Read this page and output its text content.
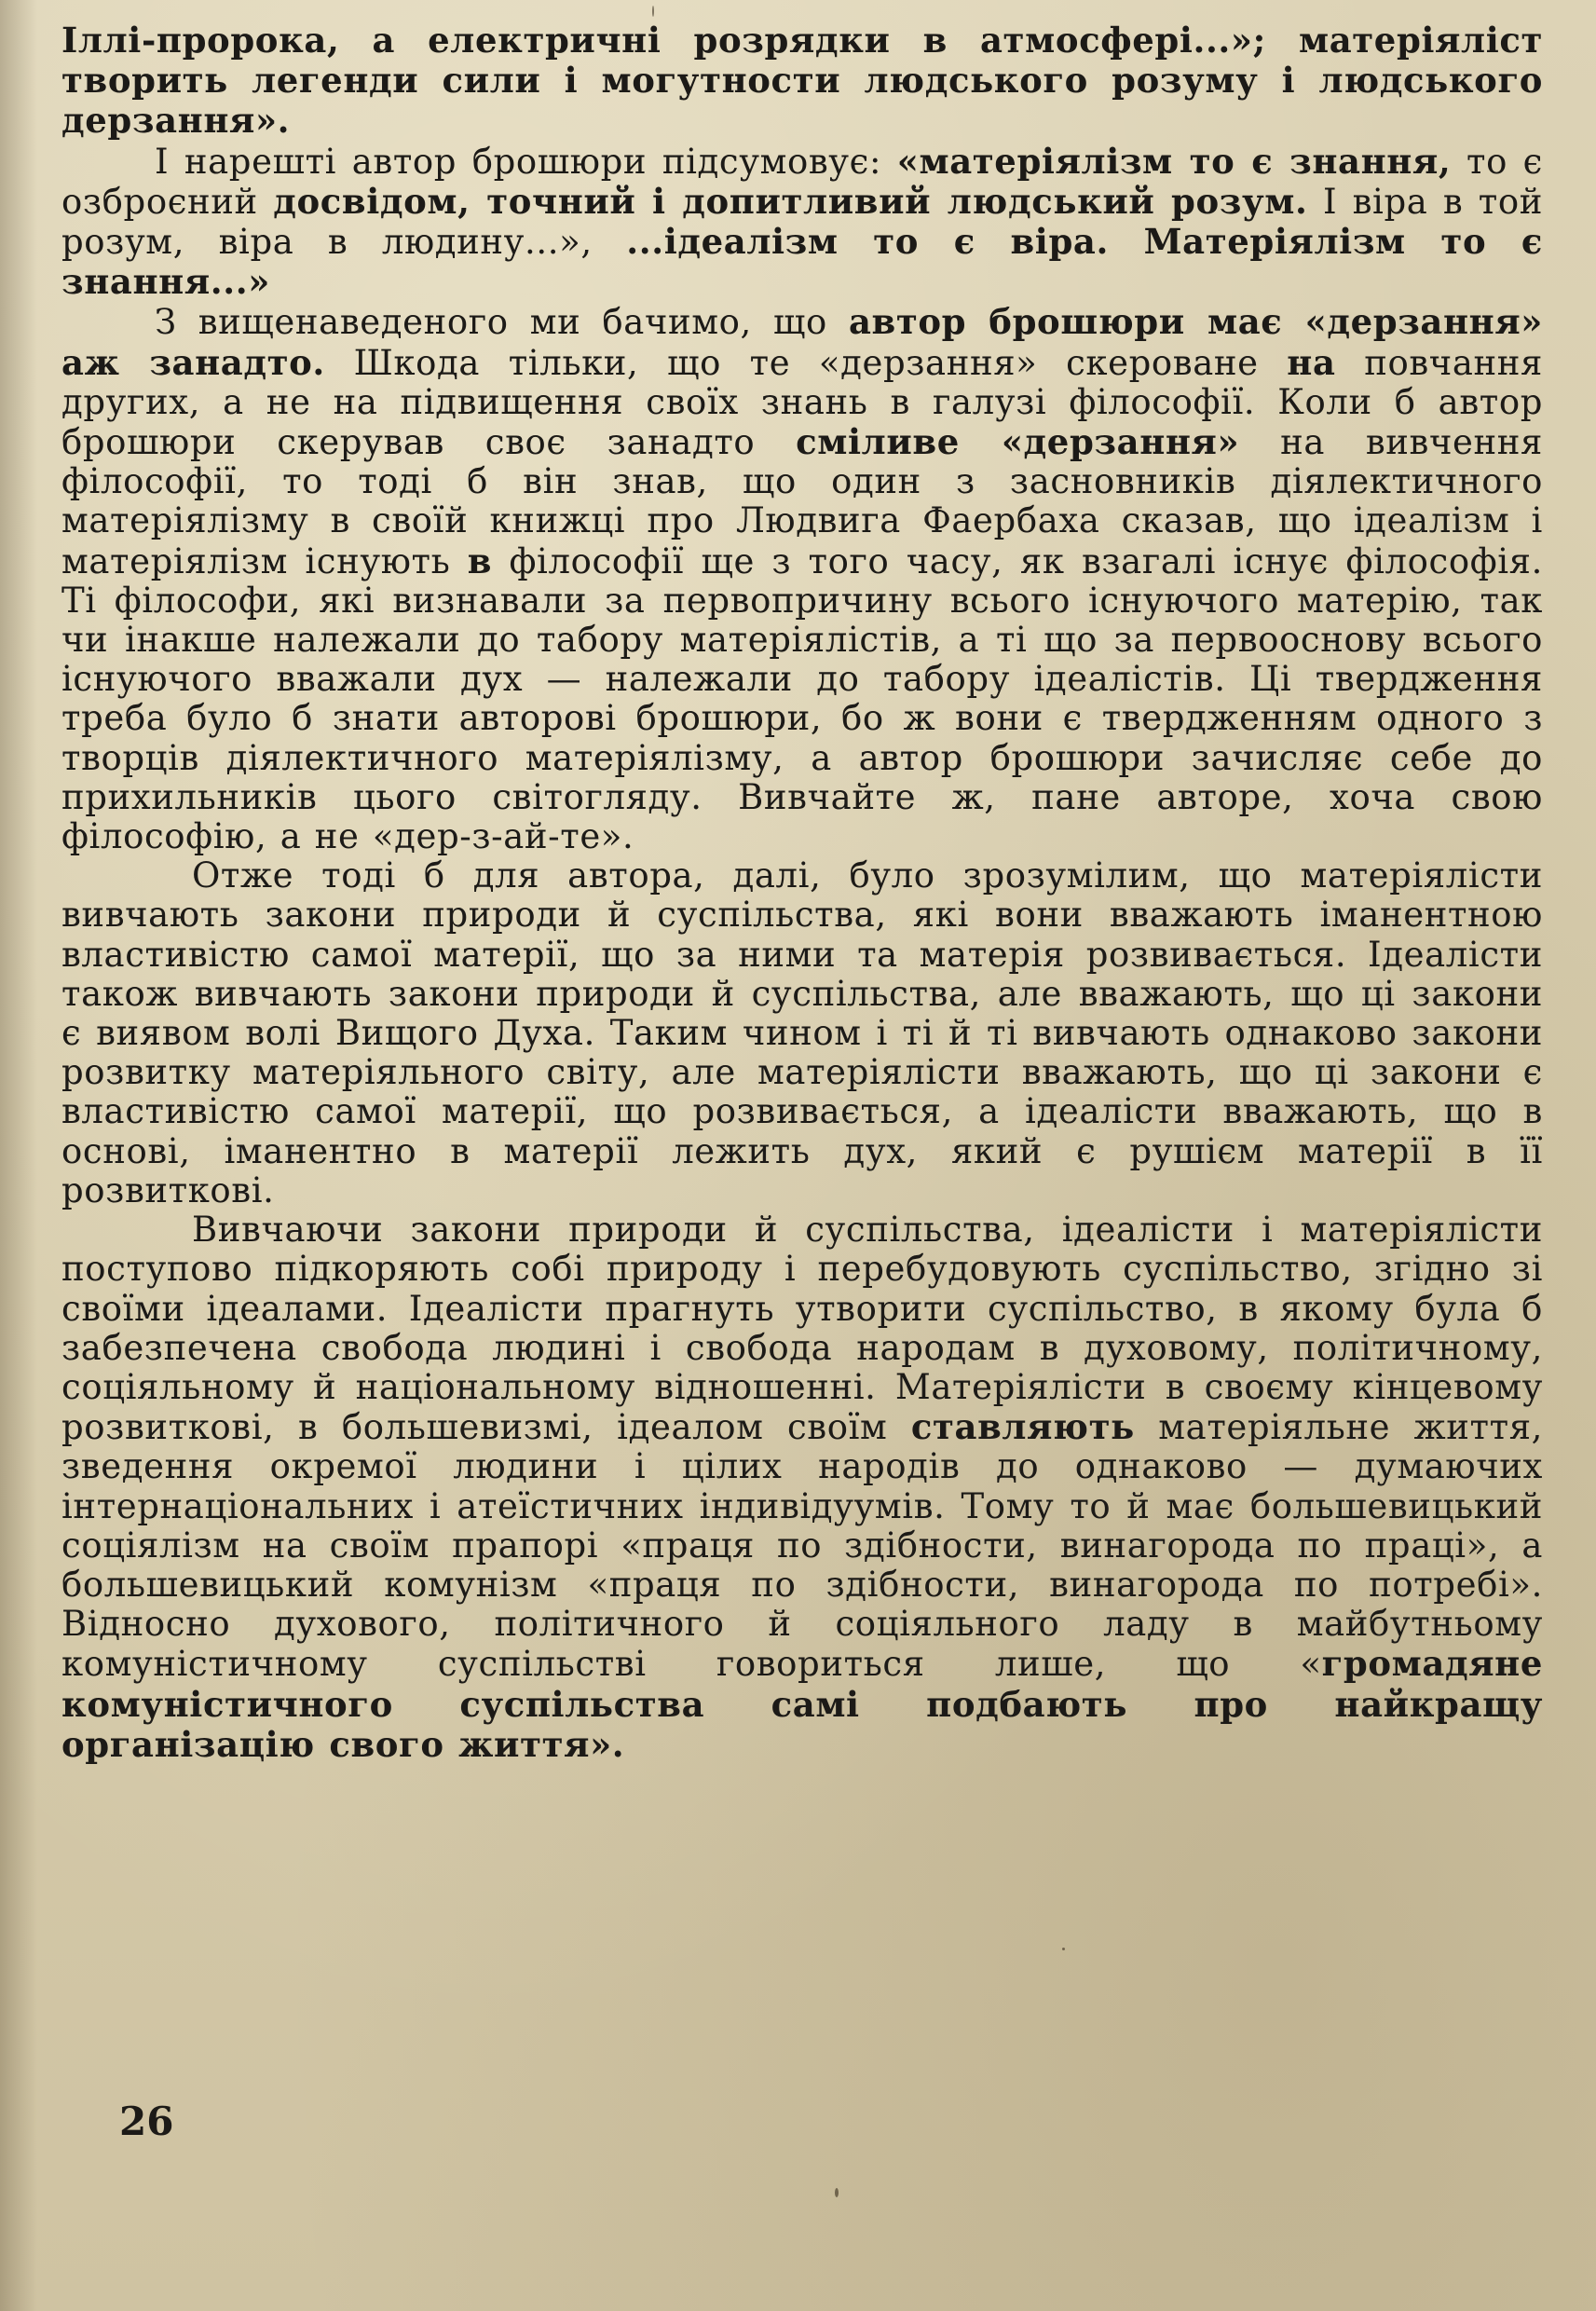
Іллі-пророка, а електричні розрядки в атмосфері...»; матеріяліст творить легенди сили і могутности людського розуму і людського дерзання».

І нарешті автор брошюри підсумовує: «матеріялізм то є знання, то є озброєний досвідом, точний і допитливий людський розум. І віра в той розум, віра в людину...», ...ідеалізм то є віра. Матеріялізм то є знання...»

З вищенаведеного ми бачимо, що автор брошюри має «дерзання» аж занадто. Шкода тільки, що те «дерзання» скероване на повчання других, а не на підвищення своїх знань в галузі філософії. Коли б автор брошюри скерував своє занадто сміливе «дерзання» на вивчення філософії, то тоді б він знав, що один з засновників діялектичного матеріялізму в своїй книжці про Людвига Фаербаха сказав, що ідеалізм і матеріялізм існують в філософії ще з того часу, як взагалі існує філософія. Ті філософи, які визнавали за первопричину всього існуючого матерію, так чи інакше належали до табору матеріялістів, а ті що за первооснову всього існуючого вважали дух — належали до табору ідеалістів. Ці твердження треба було б знати авторові брошюри, бо ж вони є твердженням одного з творців діялектичного матеріялізму, а автор брошюри зачисляє себе до прихильників цього світогляду. Вивчайте ж, пане авторе, хоча свою філософію, а не «дер-з-ай-те».

Отже тоді б для автора, далі, було зрозумілим, що матеріялісти вивчають закони природи й суспільства, які вони вважають іманентною властивістю самої матерії, що за ними та матерія розвивається. Ідеалісти також вивчають закони природи й суспільства, але вважають, що ці закони є виявом волі Вищого Духа. Таким чином і ті й ті вивчають однаково закони розвитку матеріяльного світу, але матеріялісти вважають, що ці закони є властивістю самої матерії, що розвивається, а ідеалісти вважають, що в основі, іманентно в матерії лежить дух, який є рушієм матерії в її розвиткові.

Вивчаючи закони природи й суспільства, ідеалісти і матеріялісти поступово підкоряють собі природу і перебудовують суспільство, згідно зі своїми ідеалами. Ідеалісти прагнуть утворити суспільство, в якому була б забезпечена свобода людині і свобода народам в духовому, політичному, соціяльному й національному відношенні. Матеріялісти в своєму кінцевому розвиткові, в большевизмі, ідеалом своїм ставляють матеріяльне життя, зведення окремої людини і цілих народів до однаково — думаючих інтернаціональних і атеїстичних індивідуумів. Тому то й має большевицький соціялізм на своїм прапорі «праця по здібности, винагорода по праці», а большевицький комунізм «праця по здібности, винагорода по потребі». Відносно духового, політичного й соціяльного ладу в майбутньому комуністичному суспільстві говориться лише, що «громадяне комуністичного суспільства самі подбають про найкращу організацію свого життя».

26
